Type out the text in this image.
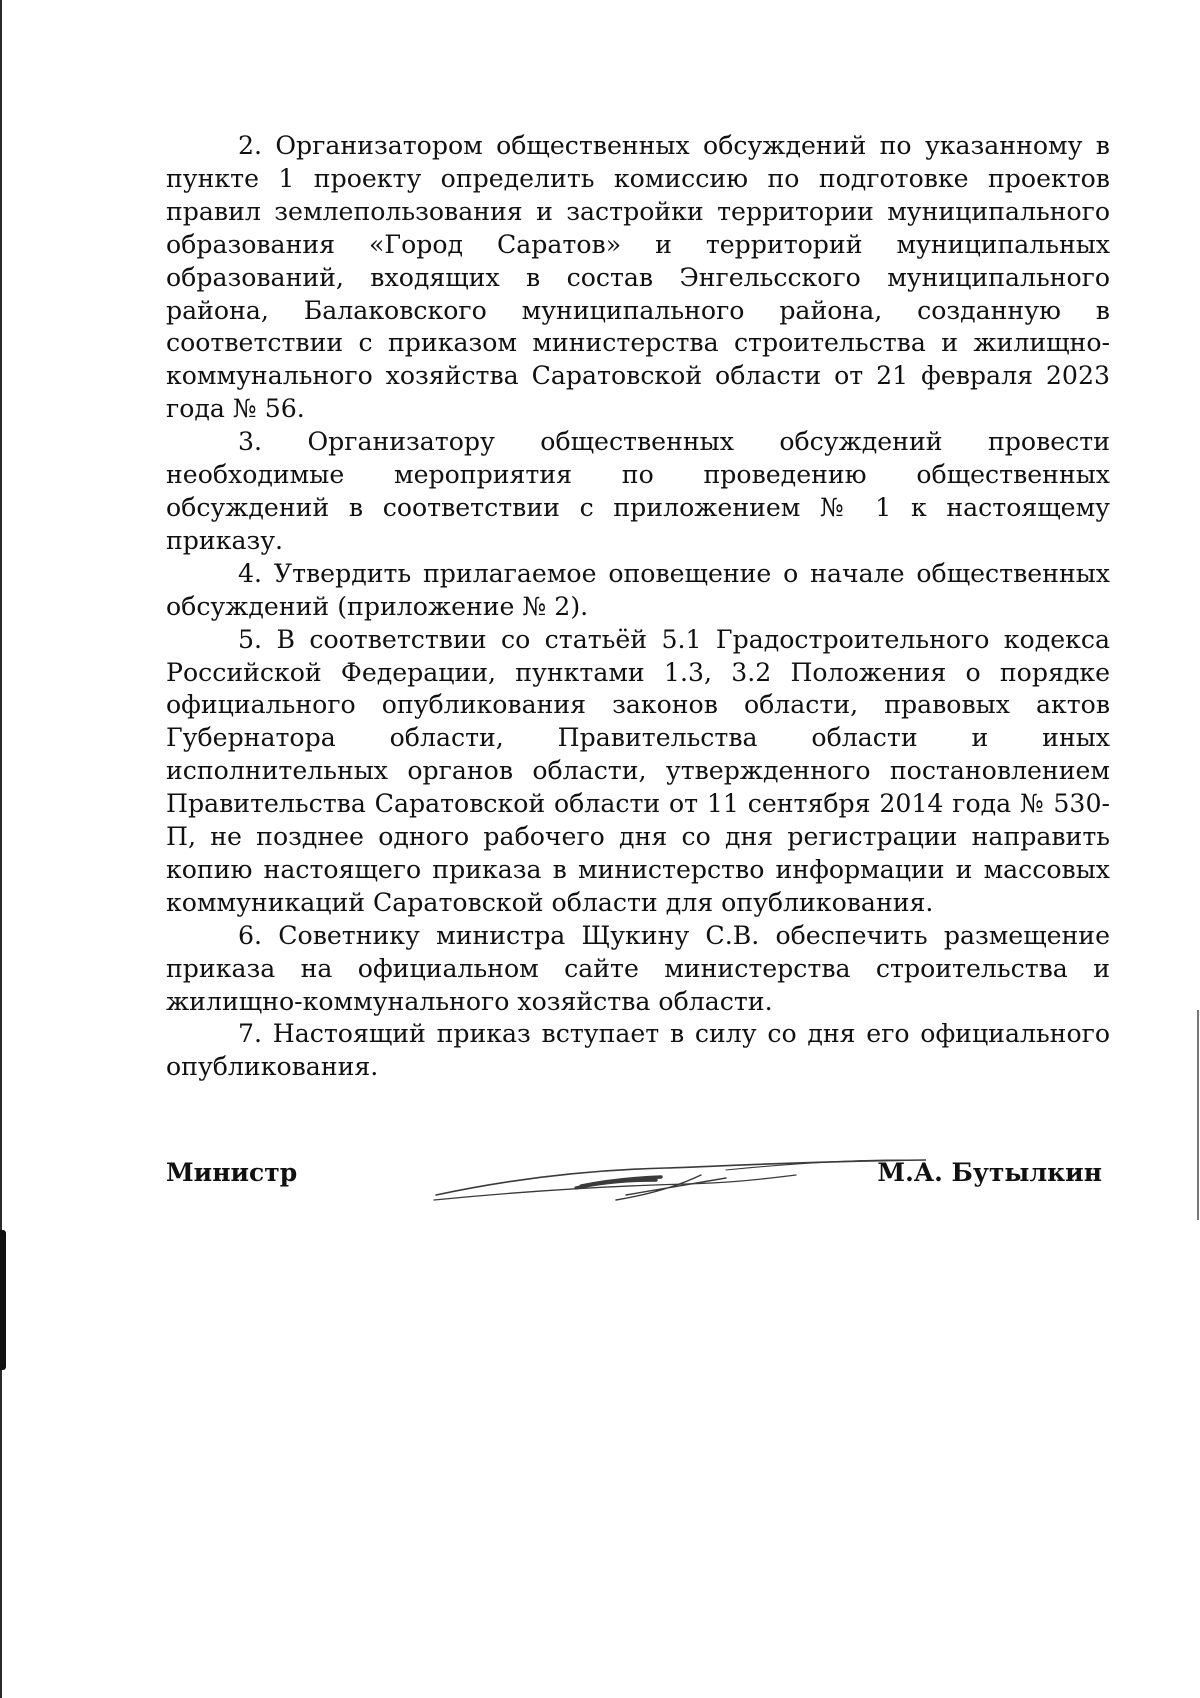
2. Организатором общественных обсуждений по указанному в пункте 1 проекту определить комиссию по подготовке проектов правил землепользования и застройки территории муниципального образования «Город Саратов» и территорий муниципальных образований, входящих в состав Энгельсского муниципального района, Балаковского муниципального района, созданную в соответствии с приказом министерства строительства и жилищно-коммунального хозяйства Саратовской области от 21 февраля 2023 года № 56.

3. Организатору общественных обсуждений провести необходимые мероприятия по проведению общественных обсуждений в соответствии с приложением № 1 к настоящему приказу.

4. Утвердить прилагаемое оповещение о начале общественных обсуждений (приложение № 2).

5. В соответствии со статьёй 5.1 Градостроительного кодекса Российской Федерации, пунктами 1.3, 3.2 Положения о порядке официального опубликования законов области, правовых актов Губернатора области, Правительства области и иных исполнительных органов области, утвержденного постановлением Правительства Саратовской области от 11 сентября 2014 года № 530-П, не позднее одного рабочего дня со дня регистрации направить копию настоящего приказа в министерство информации и массовых коммуникаций Саратовской области для опубликования.

6. Советнику министра Щукину С.В. обеспечить размещение приказа на официальном сайте министерства строительства и жилищно-коммунального хозяйства области.

7. Настоящий приказ вступает в силу со дня его официального опубликования.

Министр	М.А. Бутылкин
